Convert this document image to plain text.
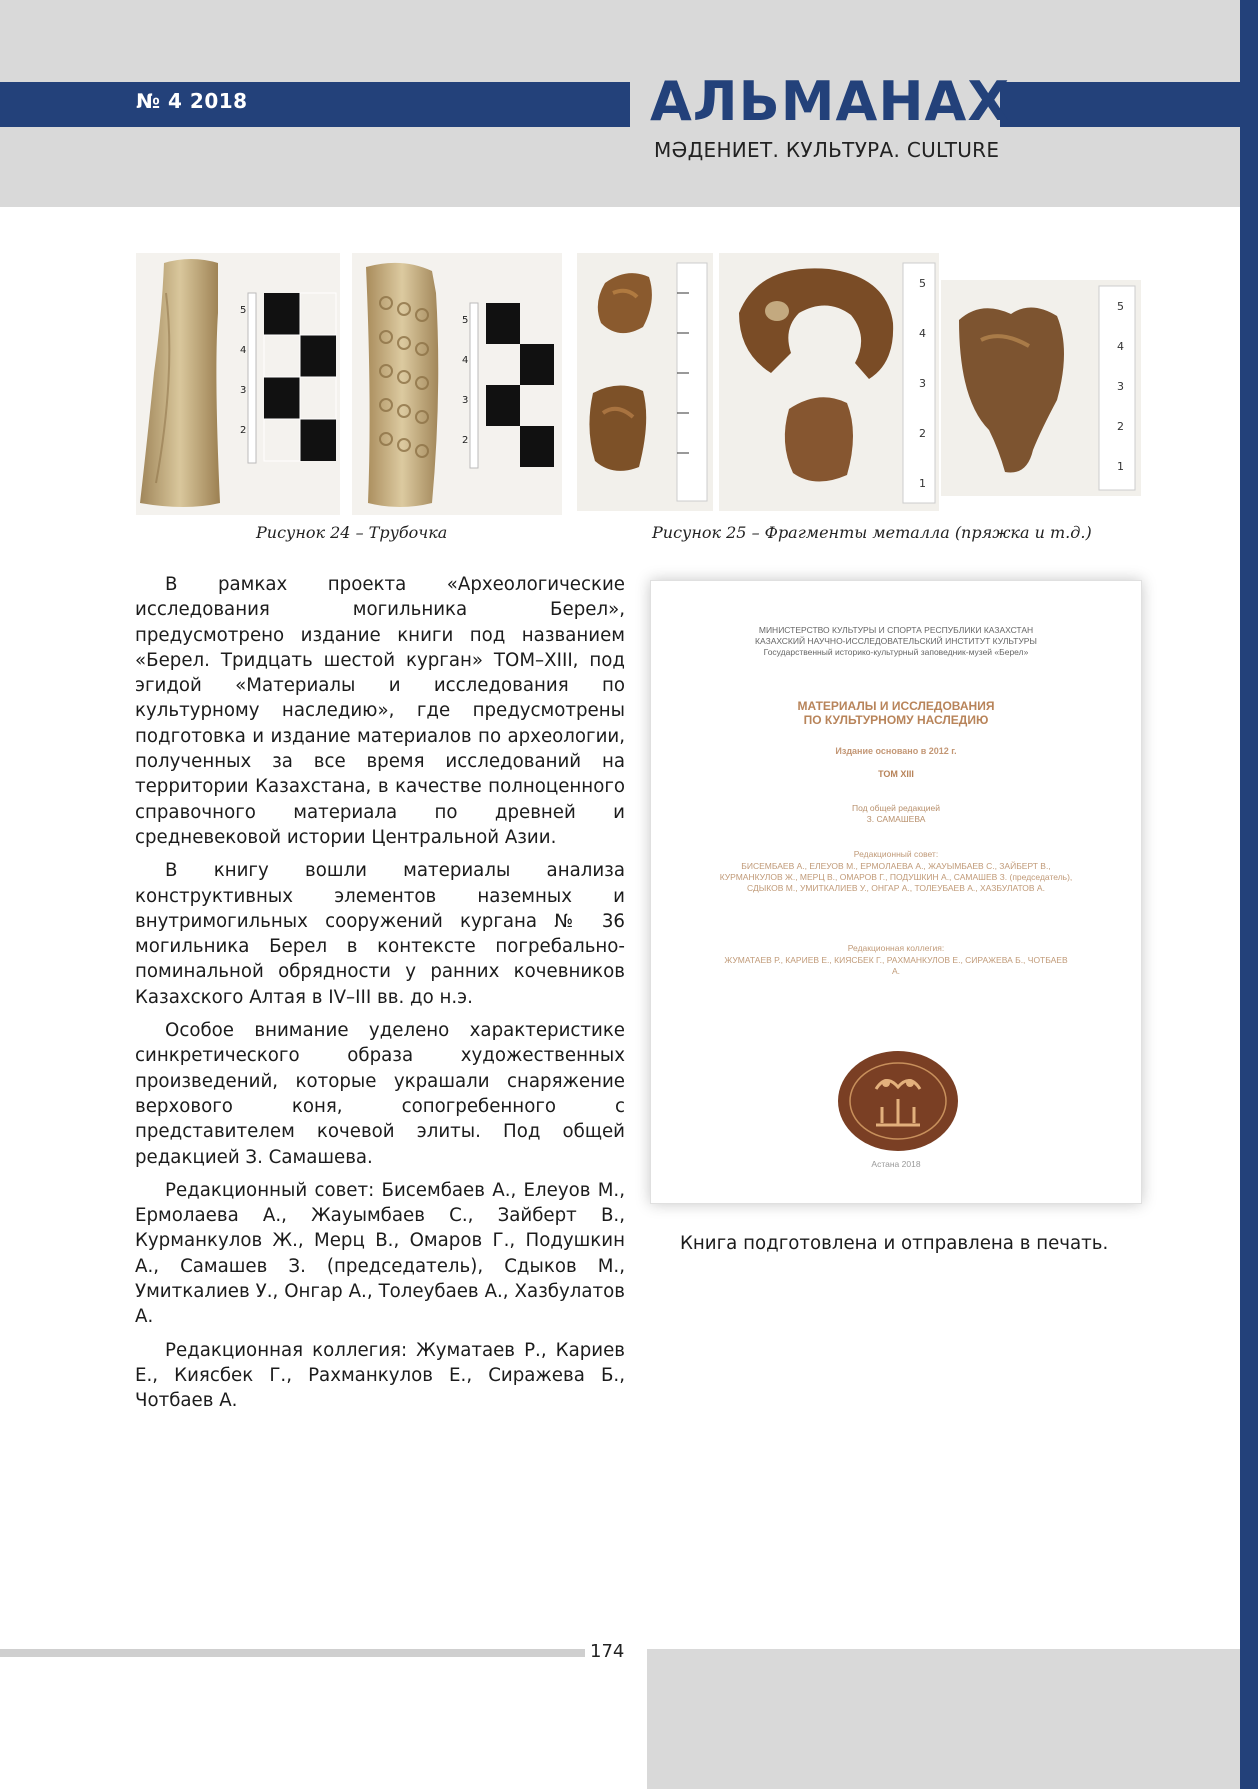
№ 4 2018	АЛЬМАНАХ
МӘДЕНИЕТ. КУЛЬТУРА. CULTURE
5
4
3
2
5
4
3
2
5
4
3
2
1
5
4
3
2
1
Рисунок 24 – Трубочка	Рисунок 25 – Фрагменты металла (пряжка и т.д.)

В рамках проекта «Археологические исследования могильника Берел», предусмотрено издание книги под названием «Берел. Тридцать шестой курган» ТОМ–XIII, под эгидой «Материалы и исследования по культурному наследию», где предусмотрены подготовка и издание материалов по археологии, полученных за все время исследований на территории Казахстана, в качестве полноценного справочного материала по древней и средневековой истории Центральной Азии.

В книгу вошли материалы анализа конструктивных элементов наземных и внутримогильных сооружений кургана № 36 могильника Берел в контексте погребально-поминальной обрядности у ранних кочевников Казахского Алтая в IV–III вв. до н.э.

Особое внимание уделено характеристике синкретического образа художественных произведений, которые украшали снаряжение верхового коня, сопогребенного с представителем кочевой элиты. Под общей редакцией З. Самашева.

Редакционный совет: Бисембаев А., Елеуов М., Ермолаева А., Жауымбаев С., Зайберт В., Курманкулов Ж., Мерц В., Омаров Г., Подушкин А., Самашев З. (председатель), Сдыков М., Умиткалиев У., Онгар А., Толеубаев А., Хазбулатов А.

Редакционная коллегия: Жуматаев Р., Кариев Е., Киясбек Г., Рахманкулов Е., Сиражева Б., Чотбаев А.

МИНИСТЕРСТВО КУЛЬТУРЫ И СПОРТА РЕСПУБЛИКИ КАЗАХСТАН
КАЗАХСКИЙ НАУЧНО-ИССЛЕДОВАТЕЛЬСКИЙ ИНСТИТУТ КУЛЬТУРЫ
Государственный историко-культурный заповедник-музей «Берел»
МАТЕРИАЛЫ И ИССЛЕДОВАНИЯ
ПО КУЛЬТУРНОМУ НАСЛЕДИЮ
Издание основано в 2012 г.
ТОМ XIII
Под общей редакцией
З. САМАШЕВА
Редакционный совет:
БИСЕМБАЕВ А., ЕЛЕУОВ М., ЕРМОЛАЕВА А., ЖАУЫМБАЕВ С., ЗАЙБЕРТ В., КУРМАНКУЛОВ Ж., МЕРЦ В., ОМАРОВ Г., ПОДУШКИН А., САМАШЕВ З. (председатель), СДЫКОВ М., УМИТКАЛИЕВ У., ОНГАР А., ТОЛЕУБАЕВ А., ХАЗБУЛАТОВ А.
Редакционная коллегия:
ЖУМАТАЕВ Р., КАРИЕВ Е., КИЯСБЕК Г., РАХМАНКУЛОВ Е., СИРАЖЕВА Б., ЧОТБАЕВ А.
Астана 2018
Книга подготовлена и отправлена в печать.
174
